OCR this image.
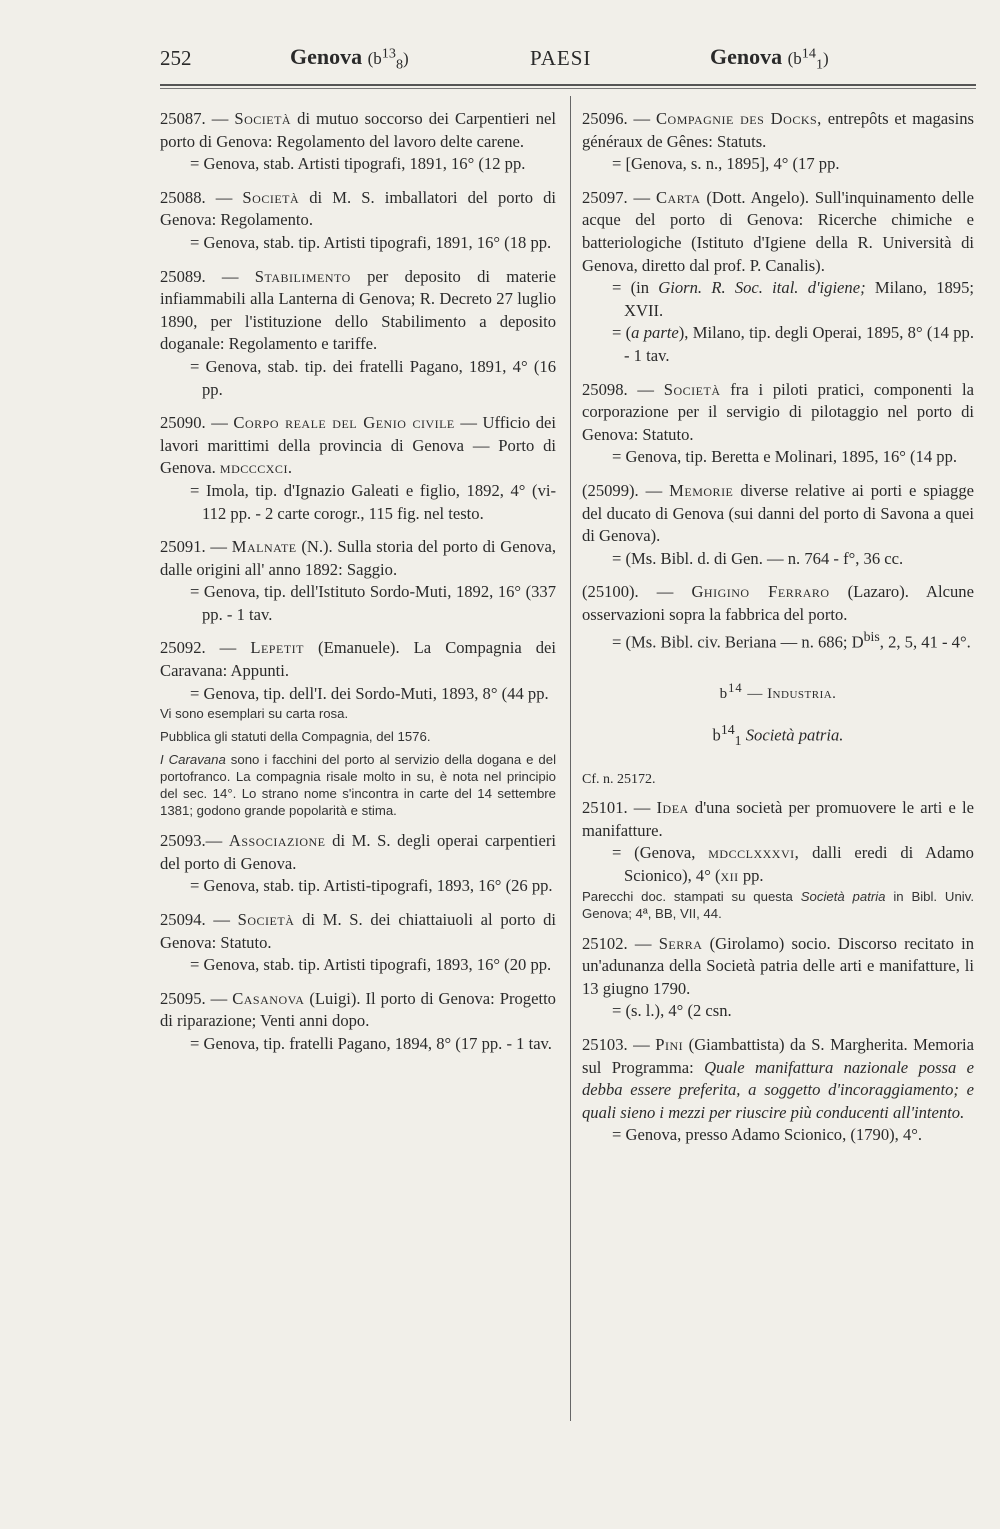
252	Genova $(b^{13}_8)$	PAESI	Genova $(b^{14}_1)$
25087. — Società di mutuo soccorso dei Carpentieri nel porto di Genova: Regolamento del lavoro delte carene.
= Genova, stab. Artisti tipografi, 1891, 16° (12 pp.
25088. — Società di M. S. imballatori del porto di Genova: Regolamento.
= Genova, stab. tip. Artisti tipografi, 1891, 16° (18 pp.
25089. — Stabilimento per deposito di materie infiammabili alla Lanterna di Genova; R. Decreto 27 luglio 1890, per l'istituzione dello Stabilimento a deposito doganale: Regolamento e tariffe.
= Genova, stab. tip. dei fratelli Pagano, 1891, 4° (16 pp.
25090. — Corpo reale del Genio civile — Ufficio dei lavori marittimi della provincia di Genova — Porto di Genova. mdcccxci.
= Imola, tip. d'Ignazio Galeati e figlio, 1892, 4° (vi-112 pp. - 2 carte corogr., 115 fig. nel testo.
25091. — Malnate (N.). Sulla storia del porto di Genova, dalle origini all' anno 1892: Saggio.
= Genova, tip. dell'Istituto Sordo-Muti, 1892, 16° (337 pp. - 1 tav.
25092. — Lepetit (Emanuele). La Compagnia dei Caravana: Appunti.
= Genova, tip. dell'I. dei Sordo-Muti, 1893, 8° (44 pp.
Vi sono esemplari su carta rosa.
Pubblica gli statuti della Compagnia, del 1576.
I Caravana sono i facchini del porto al servizio della dogana e del portofranco. La compagnia risale molto in su, è nota nel principio del sec. 14°. Lo strano nome s'incontra in carte del 14 settembre 1381; godono grande popolarità e stima.
25093.— Associazione di M. S. degli operai carpentieri del porto di Genova.
= Genova, stab. tip. Artisti-tipografi, 1893, 16° (26 pp.
25094. — Società di M. S. dei chiattaiuoli al porto di Genova: Statuto.
= Genova, stab. tip. Artisti tipografi, 1893, 16° (20 pp.
25095. — Casanova (Luigi). Il porto di Genova: Progetto di riparazione; Venti anni dopo.
= Genova, tip. fratelli Pagano, 1894, 8° (17 pp. - 1 tav.
25096. — Compagnie des Docks, entrepôts et magasins généraux de Gênes: Statuts.
= [Genova, s. n., 1895], 4° (17 pp.
25097. — Carta (Dott. Angelo). Sull'inquinamento delle acque del porto di Genova: Ricerche chimiche e batteriologiche (Istituto d'Igiene della R. Università di Genova, diretto dal prof. P. Canalis).
= (in Giorn. R. Soc. ital. d'igiene; Milano, 1895; XVII.
= (a parte), Milano, tip. degli Operai, 1895, 8° (14 pp. - 1 tav.
25098. — Società fra i piloti pratici, componenti la corporazione per il servigio di pilotaggio nel porto di Genova: Statuto.
= Genova, tip. Beretta e Molinari, 1895, 16° (14 pp.
(25099). — Memorie diverse relative ai porti e spiagge del ducato di Genova (sui danni del porto di Savona a quei di Genova).
= (Ms. Bibl. d. di Gen. — n. 764 - f°, 36 cc.
(25100). — Ghigino Ferraro (Lazaro). Alcune osservazioni sopra la fabbrica del porto.
= (Ms. Bibl. civ. Beriana — n. 686; $D^{bis}$, 2, 5, 41 - 4°.
$b^{14}$ — Industria.
$b^{14}_1$ Società patria.
Cf. n. 25172.
25101. — Idea d'una società per promuovere le arti e le manifatture.
= (Genova, mdcclxxxvi, dalli eredi di Adamo Scionico), 4° (xii pp.
Parecchi doc. stampati su questa Società patria in Bibl. Univ. Genova; 4ª, BB, VII, 44.
25102. — Serra (Girolamo) socio. Discorso recitato in un'adunanza della Società patria delle arti e manifatture, li 13 giugno 1790.
= (s. l.), 4° (2 csn.
25103. — Pini (Giambattista) da S. Margherita. Memoria sul Programma: Quale manifattura nazionale possa e debba essere preferita, a soggetto d'incoraggiamento; e quali sieno i mezzi per riuscire più conducenti all'intento.
= Genova, presso Adamo Scionico, (1790), 4°.
